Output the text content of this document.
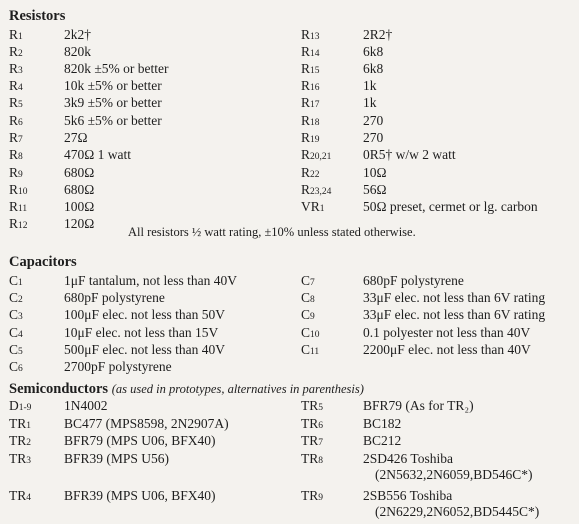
Resistors
R1	2k2†
R2	820k
R3	820k ±5% or better
R4	10k ±5% or better
R5	3k9 ±5% or better
R6	5k6 ±5% or better
R7	27Ω
R8	470Ω 1 watt
R9	680Ω
R10	680Ω
R11	100Ω
R12	120Ω
R13	2R2†
R14	6k8
R15	6k8
R16	1k
R17	1k
R18	270
R19	270
R20,21 0R5† w/w 2 watt
R22	10Ω
R23,24 56Ω
VR1	50Ω preset, cermet or lg. carbon
All resistors ½ watt rating, ±10% unless stated otherwise.
Capacitors
C1	1μF tantalum, not less than 40V
C2	680pF polystyrene
C3	100μF elec. not less than 50V
C4	10μF elec. not less than 15V
C5	500μF elec. not less than 40V
C6	2700pF polystyrene
C7	680pF polystyrene
C8	33μF elec. not less than 6V rating
C9	33μF elec. not less than 6V rating
C10	0.1 polyester not less than 40V
C11	2200μF elec. not less than 40V
Semiconductors (as used in prototypes, alternatives in parenthesis)
D1-9 1N4002
TR1 BC477 (MPS8598, 2N2907A)
TR2 BFR79 (MPS U06, BFX40)
TR3 BFR39 (MPS U56)
TR4 BFR39 (MPS U06, BFX40)
TR5	BFR79 (As for TR₂)
TR6	BC182
TR7	BC212
TR8	2SD426 Toshiba
(2N5632,2N6059,BD546C*)
TR9	2SB556 Toshiba
(2N6229,2N6052,BD5445C*)
